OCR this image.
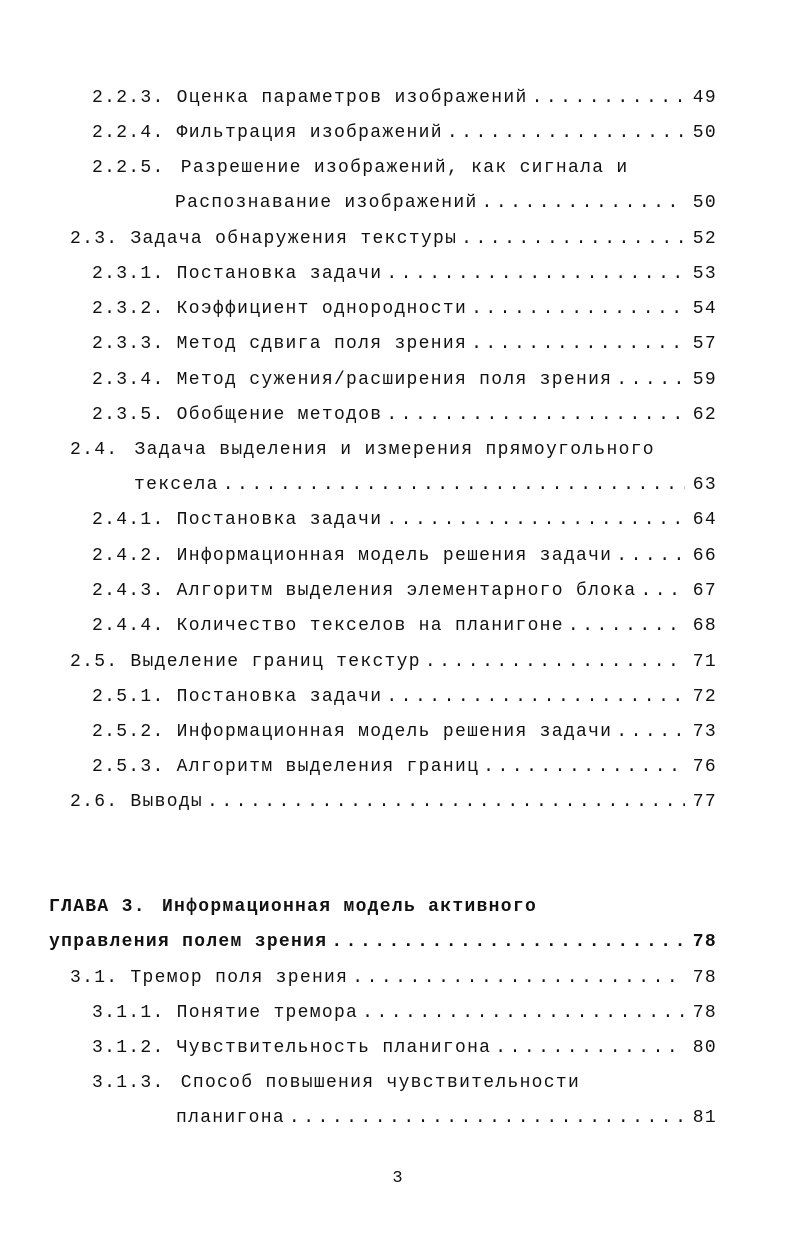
2.2.3. Оценка параметров изображений .....	49
2.2.4. Фильтрация изображений .....	50
2.2.5. Разрешение изображений, как сигнала и
Распознавание изображений .....	50
2.3. Задача обнаружения текстуры .....	52
2.3.1. Постановка задачи .....	53
2.3.2. Коэффициент однородности .....	54
2.3.3. Метод сдвига поля зрения .....	57
2.3.4. Метод сужения/расширения поля зрения .....	59
2.3.5. Обобщение методов .....	62
2.4. Задача выделения и измерения прямоугольного
тексела .....	63
2.4.1. Постановка задачи .....	64
2.4.2. Информационная модель решения задачи .....	66
2.4.3. Алгоритм выделения элементарного блока .....	67
2.4.4. Количество текселов на планигоне .....	68
2.5. Выделение границ текстур .....	71
2.5.1. Постановка задачи .....	72
2.5.2. Информационная модель решения задачи .....	73
2.5.3. Алгоритм выделения границ .....	76
2.6. Выводы .....	77
ГЛАВА 3. Информационная модель активного
управления полем зрения .....	78
3.1. Тремор поля зрения .....	78
3.1.1. Понятие тремора .....	78
3.1.2. Чувствительность планигона .....	80
3.1.3. Способ повышения чувствительности
планигона .....	81
3
